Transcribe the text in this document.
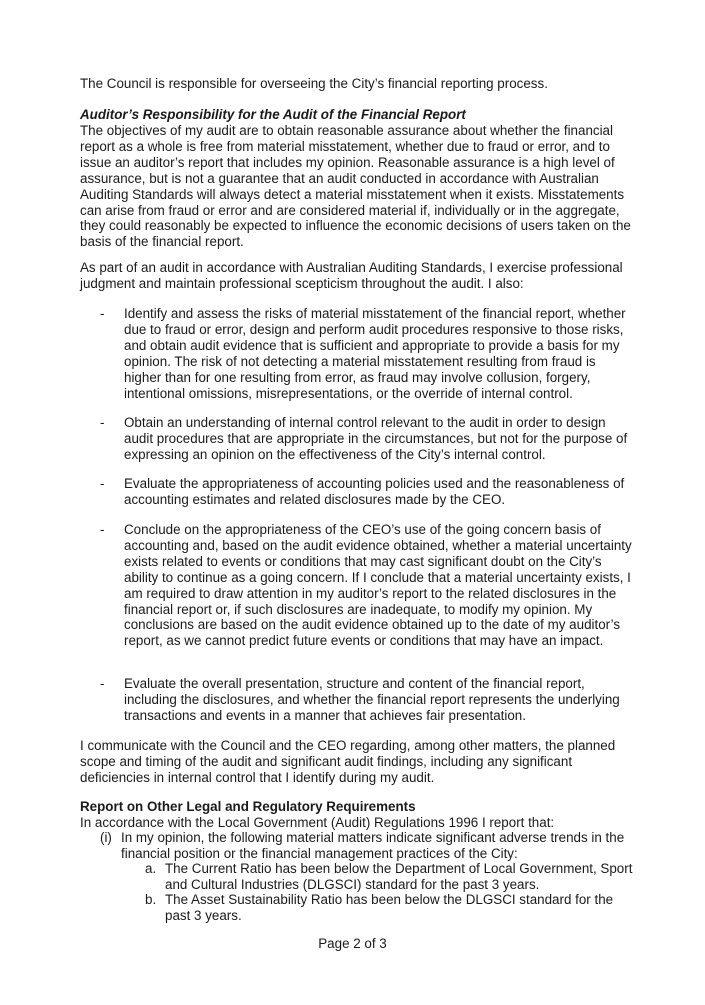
The Council is responsible for overseeing the City’s financial reporting process.

Auditor’s Responsibility for the Audit of the Financial Report

The objectives of my audit are to obtain reasonable assurance about whether the financial report as a whole is free from material misstatement, whether due to fraud or error, and to issue an auditor’s report that includes my opinion. Reasonable assurance is a high level of assurance, but is not a guarantee that an audit conducted in accordance with Australian Auditing Standards will always detect a material misstatement when it exists. Misstatements can arise from fraud or error and are considered material if, individually or in the aggregate, they could reasonably be expected to influence the economic decisions of users taken on the basis of the financial report.

As part of an audit in accordance with Australian Auditing Standards, I exercise professional judgment and maintain professional scepticism throughout the audit. I also:

- Identify and assess the risks of material misstatement of the financial report, whether due to fraud or error, design and perform audit procedures responsive to those risks, and obtain audit evidence that is sufficient and appropriate to provide a basis for my opinion. The risk of not detecting a material misstatement resulting from fraud is higher than for one resulting from error, as fraud may involve collusion, forgery, intentional omissions, misrepresentations, or the override of internal control.
- Obtain an understanding of internal control relevant to the audit in order to design audit procedures that are appropriate in the circumstances, but not for the purpose of expressing an opinion on the effectiveness of the City’s internal control.
- Evaluate the appropriateness of accounting policies used and the reasonableness of accounting estimates and related disclosures made by the CEO.
- Conclude on the appropriateness of the CEO’s use of the going concern basis of accounting and, based on the audit evidence obtained, whether a material uncertainty exists related to events or conditions that may cast significant doubt on the City’s ability to continue as a going concern. If I conclude that a material uncertainty exists, I am required to draw attention in my auditor’s report to the related disclosures in the financial report or, if such disclosures are inadequate, to modify my opinion. My conclusions are based on the audit evidence obtained up to the date of my auditor’s report, as we cannot predict future events or conditions that may have an impact.
- Evaluate the overall presentation, structure and content of the financial report, including the disclosures, and whether the financial report represents the underlying transactions and events in a manner that achieves fair presentation.

I communicate with the Council and the CEO regarding, among other matters, the planned scope and timing of the audit and significant audit findings, including any significant deficiencies in internal control that I identify during my audit.

Report on Other Legal and Regulatory Requirements

In accordance with the Local Government (Audit) Regulations 1996 I report that:

(i) In my opinion, the following material matters indicate significant adverse trends in the financial position or the financial management practices of the City:
a. The Current Ratio has been below the Department of Local Government, Sport and Cultural Industries (DLGSCI) standard for the past 3 years.
b. The Asset Sustainability Ratio has been below the DLGSCI standard for the past 3 years.
Page 2 of 3
